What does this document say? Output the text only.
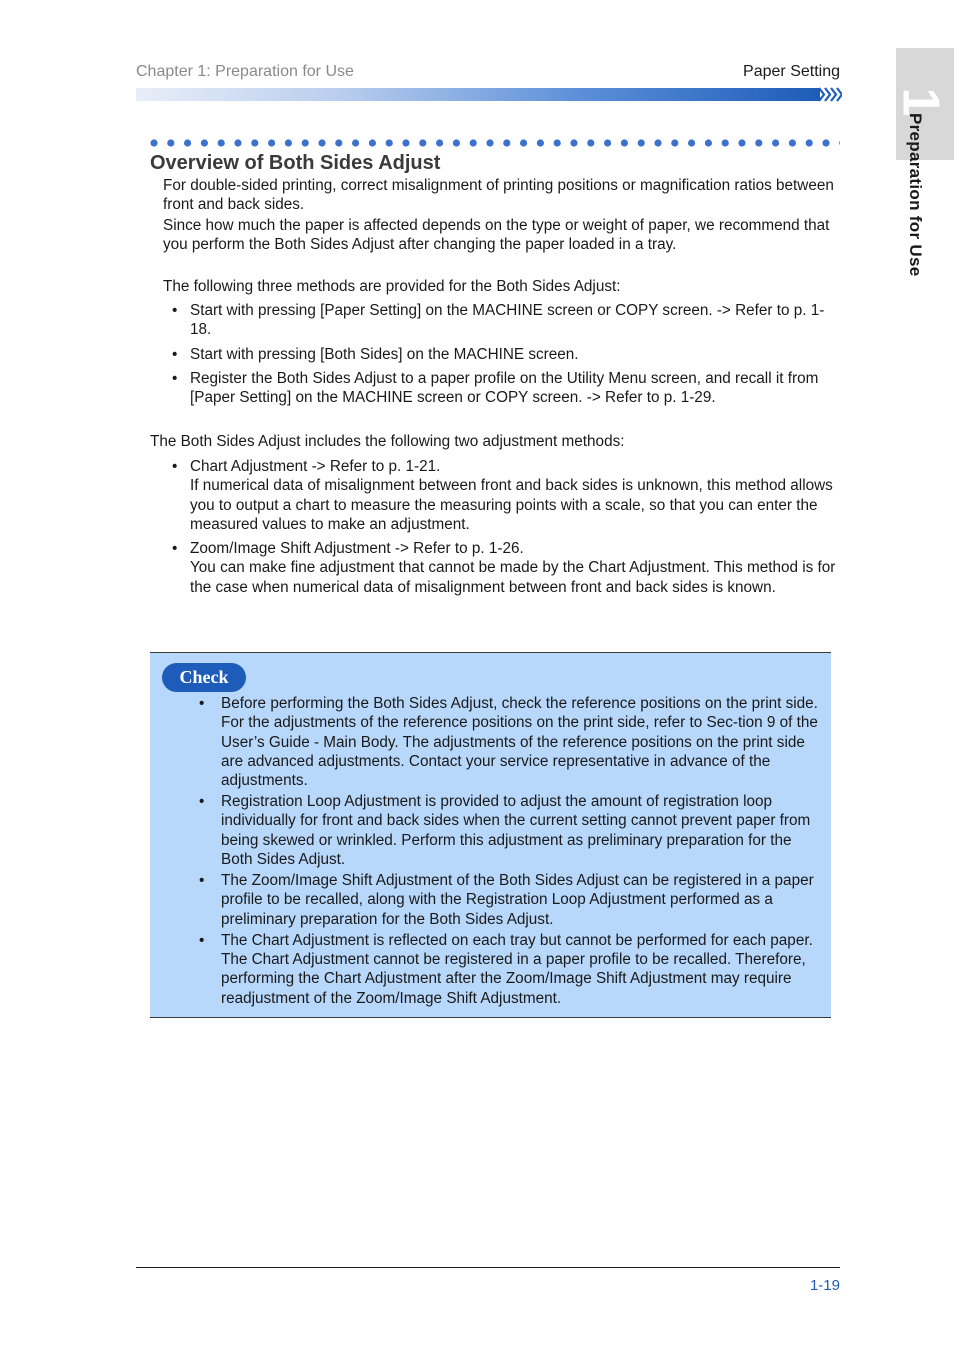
Chapter 1: Preparation for Use	Paper Setting
1
Preparation for Use
Overview of Both Sides Adjust
For double-sided printing, correct misalignment of printing positions or magnification ratios between front and back sides.
Since how much the paper is affected depends on the type or weight of paper, we recommend that you perform the Both Sides Adjust after changing the paper loaded in a tray.
The following three methods are provided for the Both Sides Adjust:
• Start with pressing [Paper Setting] on the MACHINE screen or COPY screen. -> Refer to p. 1-18.
• Start with pressing [Both Sides] on the MACHINE screen.
• Register the Both Sides Adjust to a paper profile on the Utility Menu screen, and recall it from [Paper Setting] on the MACHINE screen or COPY screen. -> Refer to p. 1-29.
The Both Sides Adjust includes the following two adjustment methods:
• Chart Adjustment -> Refer to p. 1-21.
If numerical data of misalignment between front and back sides is unknown, this method allows you to output a chart to measure the measuring points with a scale, so that you can enter the measured values to make an adjustment.
• Zoom/Image Shift Adjustment -> Refer to p. 1-26.
You can make fine adjustment that cannot be made by the Chart Adjustment. This method is for the case when numerical data of misalignment between front and back sides is known.
Check
• Before performing the Both Sides Adjust, check the reference positions on the print side. For the adjustments of the reference positions on the print side, refer to Sec-tion 9 of the User’s Guide - Main Body. The adjustments of the reference positions on the print side are advanced adjustments. Contact your service representative in advance of the adjustments.
• Registration Loop Adjustment is provided to adjust the amount of registration loop individually for front and back sides when the current setting cannot prevent paper from being skewed or wrinkled. Perform this adjustment as preliminary preparation for the Both Sides Adjust.
• The Zoom/Image Shift Adjustment of the Both Sides Adjust can be registered in a paper profile to be recalled, along with the Registration Loop Adjustment performed as a preliminary preparation for the Both Sides Adjust.
• The Chart Adjustment is reflected on each tray but cannot be performed for each paper. The Chart Adjustment cannot be registered in a paper profile to be recalled. Therefore, performing the Chart Adjustment after the Zoom/Image Shift Adjustment may require readjustment of the Zoom/Image Shift Adjustment.
1-19
